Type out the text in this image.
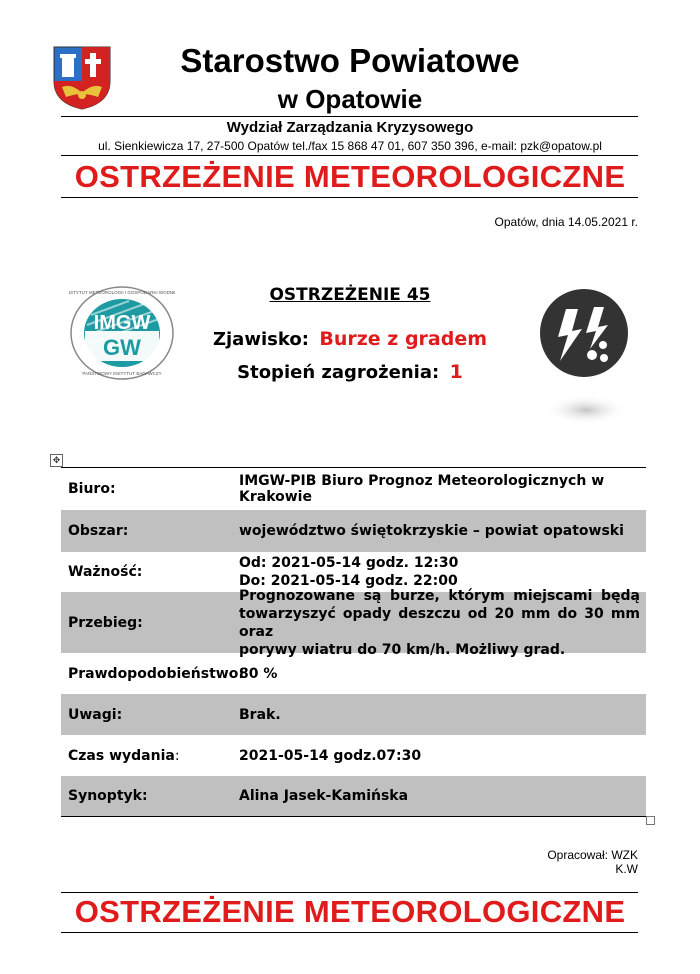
Starostwo Powiatowe
w Opatowie
Wydział Zarządzania Kryzysowego
ul. Sienkiewicza 17, 27-500 Opatów tel./fax 15 868 47 01, 607 350 396, e-mail: pzk@opatow.pl
OSTRZEŻENIE METEOROLOGICZNE
Opatów, dnia 14.05.2021 r.
IMGW
GW
PAŃSTWOWY INSTYTUT BADAWCZY
INSTYTUT METEOROLOGII I GOSPODARKI WODNEJ	OSTRZEŻENIE 45
Zjawisko: Burze z gradem
Stopień zagrożenia: 1
✥
Biuro:	IMGW-PIB Biuro Prognoz Meteorologicznych w Krakowie
Obszar:	województwo świętokrzyskie – powiat opatowski
Ważność:
Od: 2021-05-14 godz. 12:30
Do: 2021-05-14 godz. 22:00
Przebieg:
Prognozowane są burze, którym miejscami będą
towarzyszyć opady deszczu od 20 mm do 30 mm oraz
porywy wiatru do 70 km/h. Możliwy grad.
Prawdopodobieństwo:
80 %
Uwagi:	Brak.
Czas wydania:	2021-05-14 godz.07:30
Synoptyk:	Alina Jasek-Kamińska
Opracował: WZK
K.W
OSTRZEŻENIE METEOROLOGICZNE
